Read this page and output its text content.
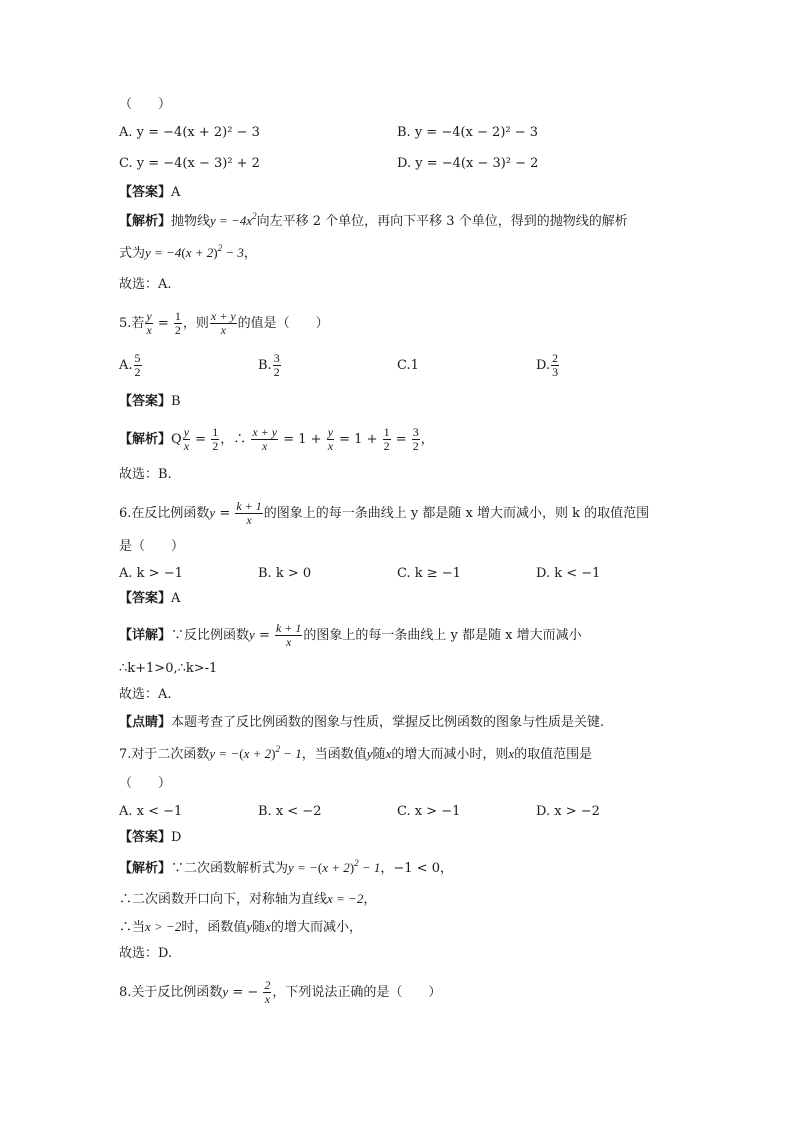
（　　）
A. y = −4(x + 2)² − 3	B. y = −4(x − 2)² − 3
C. y = −4(x − 3)² + 2	D. y = −4(x − 3)² − 2
【答案】A
【解析】抛物线$y = -4x^2$向左平移 2 个单位，再向下平移 3 个单位，得到的抛物线的解析
式为$y = -4(x + 2)^2 - 3$，
故选：A.
5.若 $\frac{y}{x} = \frac{1}{2}$ ，则 $\frac{x + y}{x}$ 的值是（　　）
A. $\frac{5}{2}$	B. $\frac{3}{2}$	C.1	D. $\frac{2}{3}$
【答案】B
【解析】Q $\frac{y}{x} = \frac{1}{2}$ ，∴ $\frac{x + y}{x} = 1 + \frac{y}{x} = 1 + \frac{1}{2} = \frac{3}{2}$ ，
故选：B.
6.在反比例函数$y = \frac{k + 1}{x}$ 的图象上的每一条曲线上 y 都是随 x 增大而减小，则 k 的取值范围
是（　　）
A. k > −1	B. k > 0	C. k ≥ −1	D. k < −1
【答案】A
【详解】∵反比例函数$y = \frac{k + 1}{x}$ 的图象上的每一条曲线上 y 都是随 x 增大而减小
∴k+1>0,∴k>-1
故选：A.
【点睛】本题考查了反比例函数的图象与性质，掌握反比例函数的图象与性质是关键.
7.对于二次函数$y = -(x + 2)^2 - 1$，当函数值y随x的增大而减小时，则x的取值范围是
（　　）
A. x < −1	B. x < −2	C. x > −1	D. x > −2
【答案】D
【解析】∵二次函数解析式为$y = -(x + 2)^2 - 1$，−1 < 0，
∴二次函数开口向下，对称轴为直线x = −2，
∴当x > −2时，函数值y随x的增大而减小，
故选：D.
8.关于反比例函数y = − $\frac{2}{x}$ ，下列说法正确的是（　　）
